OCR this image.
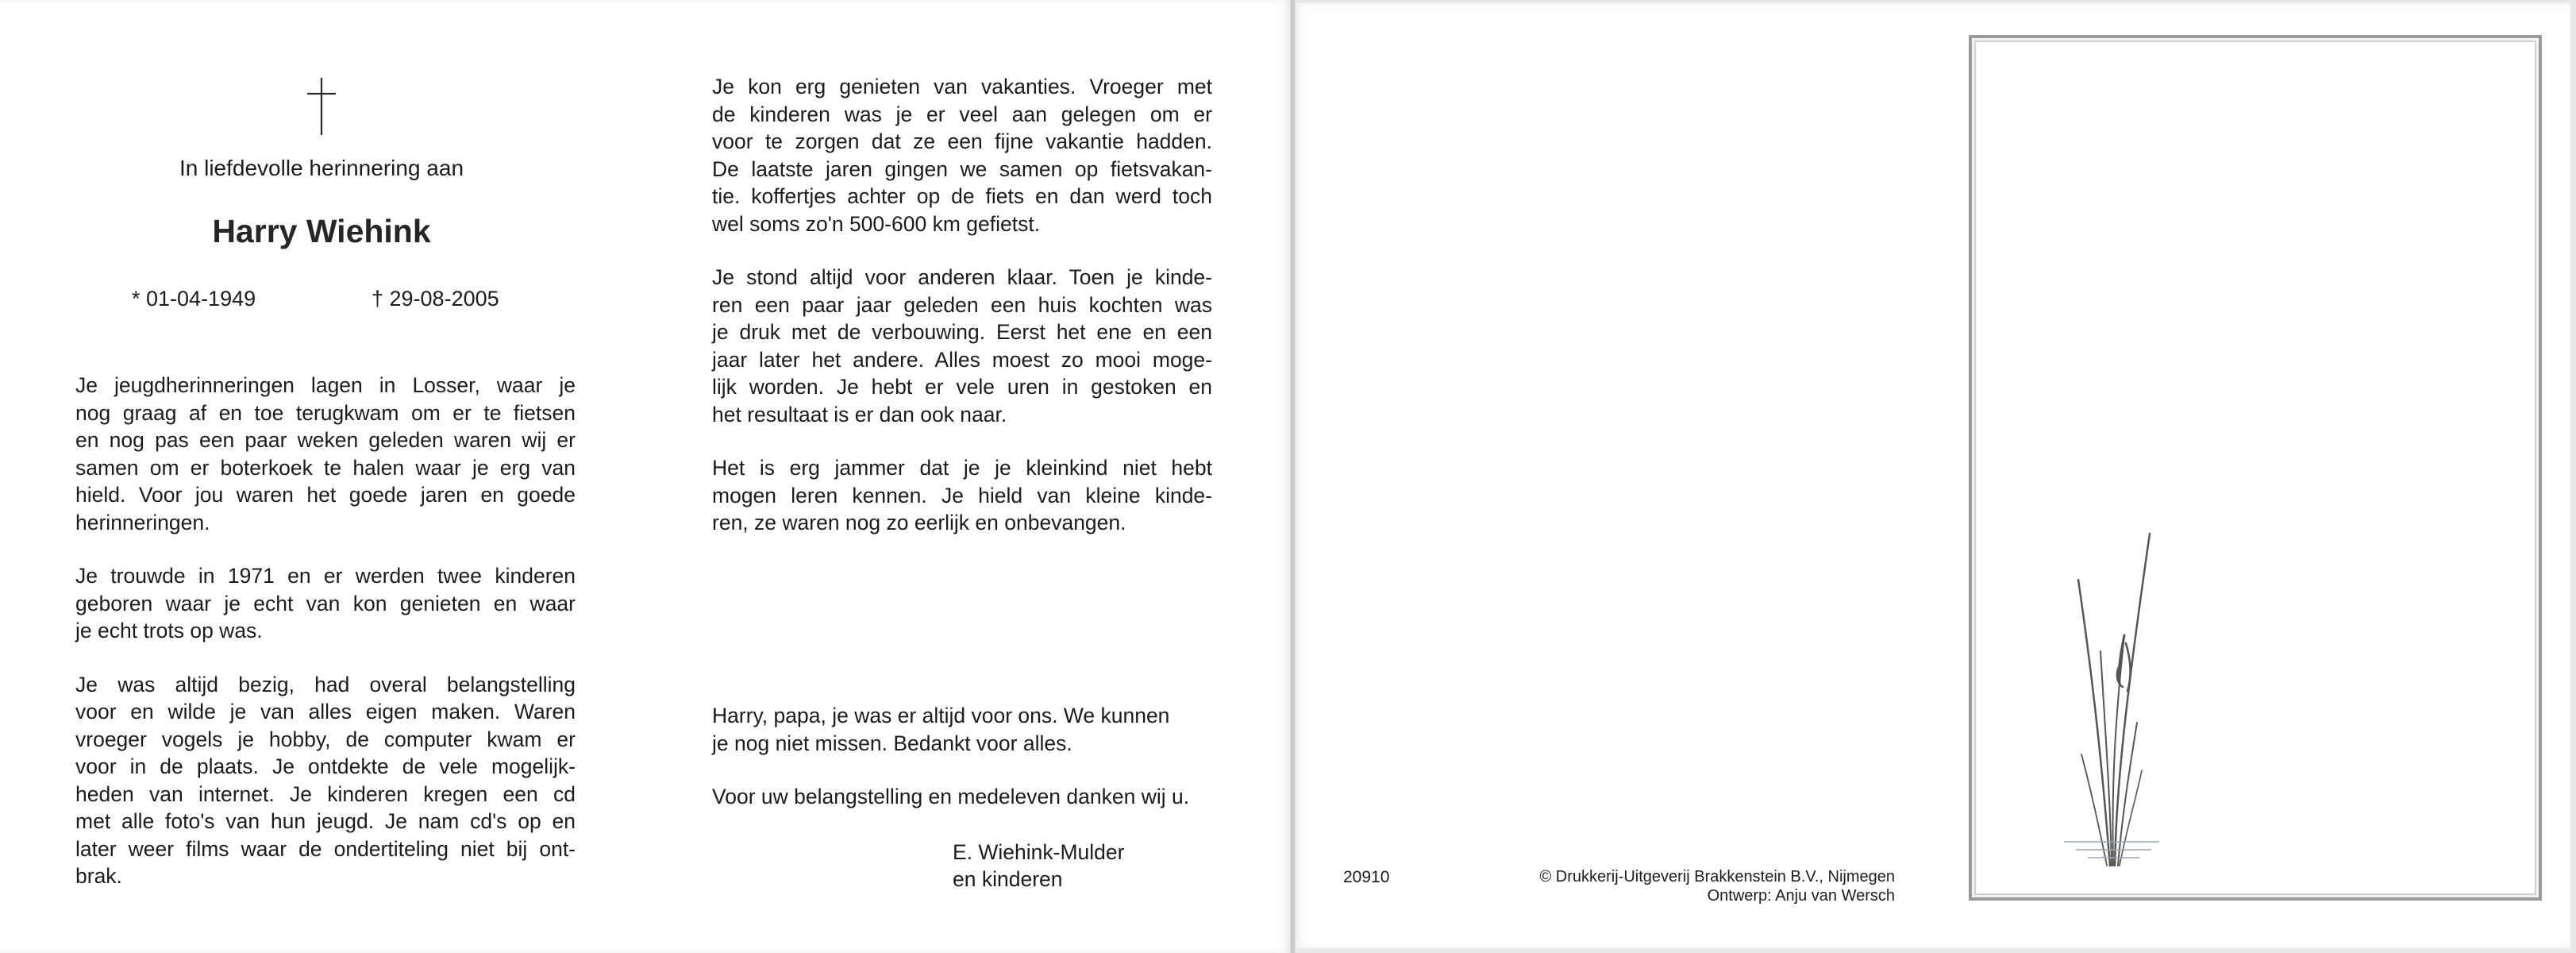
In liefdevolle herinnering aan
Harry Wiehink
* 01-04-1949	† 29-08-2005

Je jeugdherinneringen lagen in Losser, waar je
nog graag af en toe terugkwam om er te fietsen
en nog pas een paar weken geleden waren wij er
samen om er boterkoek te halen waar je erg van
hield. Voor jou waren het goede jaren en goede
herinneringen.

Je trouwde in 1971 en er werden twee kinderen
geboren waar je echt van kon genieten en waar
je echt trots op was.

Je was altijd bezig, had overal belangstelling
voor en wilde je van alles eigen maken. Waren
vroeger vogels je hobby, de computer kwam er
voor in de plaats. Je ontdekte de vele mogelijk-
heden van internet. Je kinderen kregen een cd
met alle foto's van hun jeugd. Je nam cd's op en
later weer films waar de ondertiteling niet bij ont-
brak.

Je kon erg genieten van vakanties. Vroeger met
de kinderen was je er veel aan gelegen om er
voor te zorgen dat ze een fijne vakantie hadden.
De laatste jaren gingen we samen op fietsvakan-
tie. koffertjes achter op de fiets en dan werd toch
wel soms zo'n 500-600 km gefietst.

Je stond altijd voor anderen klaar. Toen je kinde-
ren een paar jaar geleden een huis kochten was
je druk met de verbouwing. Eerst het ene en een
jaar later het andere. Alles moest zo mooi moge-
lijk worden. Je hebt er vele uren in gestoken en
het resultaat is er dan ook naar.

Het is erg jammer dat je je kleinkind niet hebt
mogen leren kennen. Je hield van kleine kinde-
ren, ze waren nog zo eerlijk en onbevangen.

Harry, papa, je was er altijd voor ons. We kunnen
je nog niet missen. Bedankt voor alles.

Voor uw belangstelling en medeleven danken wij u.

E. Wiehink-Mulder
en kinderen	20910	© Drukkerij-Uitgeverij Brakkenstein B.V., Nijmegen
Ontwerp: Anju van Wersch
